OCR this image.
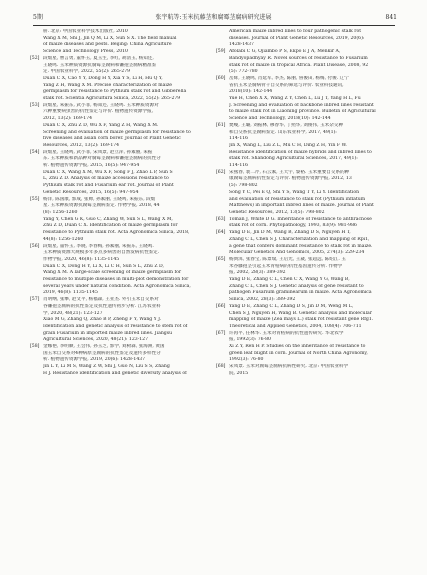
5期	张宇航等:玉米抗藤茎和腐霉茎腐病研究进展	841
册. 北京: 中国农业科学技术出版社, 2010
Wang X M, Shi J, Jin Q M, Li X, Sun S X. The field manual
of maize diseases and pests. Beijing: China Agriculture
Science and Technology Press, 2010
[52] 段灿星, 曹言勇, 董怀玉, 夏玉生, 李红, 胡清玉, 杨知还,
王晓鸣. 玉米种质资源抗腐霉茎腐病和镰孢茎腐病精准鉴
定. 中国农业科学, 2022, 55(2): 265-279
Duan C X, Cao Y Y, Dong H Y, Xia Y S, Li H, Hu Q Y,
Yang Z H, Wang X M. Precise characterization of maize
germplasm for resistance to Pythium stalk rot and Gibberella
stalk rot. Scientia Agricultura Sinica, 2022, 55(2): 265-279
[53] 段灿星, 朱振东, 武小菲, 杨知还, 王晓鸣. 玉米种质资源对
六种重要病虫害的抗性鉴定与评价. 植物遗传资源学报,
2012, 13(2): 169-174
Duan C X, Zhu Z D, Wu X F, Yang Z H, Wang X M.
Screening and evaluation of maize germplasm for resistance to
five diseases and asian corn borer. Journal of Plant Genetic
Resources, 2012, 13(2): 169-174
[54] 段灿星, 王晓鸣, 武小菲, 宋凤景, 赵立萍, 孙素丽, 朱振
东. 玉米种质和新品种对腐霉茎腐病和镰孢茎腐病的抗性分
析. 植物遗传资源学报, 2015, 16(5): 947-954
Duan C X, Wang X M, Wu X F, Song F J, Zhao L P, Sun S
L, Zhu Z D. Analysis of maize accessions resistance to
Pythium stalk rot and Fusarium ear rot. Journal of Plant
Genetic Resources, 2015, 16(5): 947-954
[55] 杨洋, 陈国康, 郭成, 张帅, 孙素丽, 王晓鸣, 朱振东, 段灿
星. 玉米种质资源抗腐霉茎腐病鉴定. 作物学报, 2018, 44
(8): 1256-1260
Yang Y, Chen G K, Guo C, Zhang W, Sun S L, Wang X M,
Zhu Z D, Duan C X. Identification of maize germplasm for
resistance to Pythium stalk rot. Acta Agronomica Sinica, 2018,
44(8): 1256-1260
[56] 段灿星, 董怀玉, 李晓, 李春梅, 孙素丽, 朱振东, 王晓鸣.
玉米种质资源大规模多年多点多病害的自然发病抗性鉴定.
作物学报, 2020, 46(8): 1135-1145
Duan C X, Dong H Y, Li X, Li C H, Sun S L, Zhu Z D,
Wang X M. A large-scale screening of maize germplasm for
resistance to multiple diseases in multi-plot demonstration for
several years under natural condition. Acta Agronomica Sinica,
2019, 46(8): 1135-1145
[57] 肖明纲, 张攀, 赵文平, 杨福森, 王亚杰. 外引玉米自交系对
谷镰孢茎腐病的抗性鉴定及抗性遗传初步分析. 江苏农业科
学, 2020, 48(21): 123-127
Xiao M G, Zhang Q, Zhao B P, Zheng F Y, Wang Y J.
Identification and genetic analysis of resistance to stem rot of
grain Fusarium in imported maize inbred lines. Jiangsu
Agricultural Sciences, 2020, 48(21): 123-127
[58] 金娜艳, 李明顺, 王会伟, 孙玉芝, 郭学, 刘树森, 张海洲, 黄国
国玉米自交系对4种病原茎腐病的抗性鉴定及遗传多样性分
析. 植物遗传资源学报, 2019, 20(6): 1428-1437
Jin L Y, Li M S, Wang Z W, Shi J, Guo N, Liu S S, Zhang
H J. Resistance identification and genetic diversity analysis of
American maize inbred lines to four pathogenic stalk rot
diseases. Journal of Plant Genetic Resources, 2019, 20(6):
1428-1437
[59] Afolabi C G, Ojiambo P S, Ekpo E J A, Menkir A,
Bandyopadhyay R. Novel sources of resistance to Fusarium
stalk rot of maize in tropical Africa. Plant Disease, 2008, 92
(5): 772-780
[60] 岳辉, 王晓鸣, 肖延军, 李杰, 陈丽, 鲁俊田, 杨梅, 付俊. 辽宁
省抗玉米茎腐病骨干自交系的筛选与评价. 农业科技通讯,
2018(10): 142-144
Yue H, Chen X X, Wang Z Y, Chen L, Lu J T, Yang H L, Fu
J. Screening and evaluation of backbone inbred lines resistant
to maize stalk rot in Liaoning province. Bulletin of Agricultural
Science and Technology, 2018(10): 142-144
[61] 樊峻, 王璐, 刘振林, 穆春华, 丁照华, 刘俊伟, 玉米杂交种
和自交系抗茎腐病鉴定. 山东农业科学, 2017, 49(1):
114-116
Jin X, Wang L, Liu Z L, Mu C H, Ding Z H, Yin F W.
Resistance identification of maize hybrids and inbred lines to
stalk rot. Shandong Agricultural Sciences, 2017, 49(1):
114-116
[62] 宋燕春, 裴二芹, 石云素, 王天宇, 黎裕. 玉米重要自交系的种
康腐霉茎腐病抗性鉴定与评价. 植物遗传资源学报, 2012, 13
(5): 798-802
Song Y C, Pei E Q, Shi Y S, Wang T Y, Li Y. Identification
and evaluation of resistance to stalk rot (Pythium inflatum
Matthews) in important inbred lines of maize. Journal of Plant
Genetic Resources, 2012, 13(5): 798-802
[63] Toman J, White D G. Inheritance of resistance to anthracnose
stalk rot of corn. Phytopathology, 1993, 83(9): 981-986
[64] Yang D E, Jin D M, Wang B, Zhang D S, Nguyen H T,
Zhang C L, Chen S J. Characterization and mapping of Rpi1,
a gene that confers dominant resistance to stalk rot in maize.
Molecular Genetics And Genomics, 2005, 274(3): 229-234
[65] 杨典洱, 张春宝, 陈景瑞, 王后光, 王崴, 张超远, 陈绍江. 玉
米谷藤孢茎引起玉米青枯病的抗性基因遗传分析. 作物学
报, 2002, 28(3): 389-392
Yang D E, Zhang C L, Chen C X, Wang Y G, Wang B,
Zhang C L, Chen S J. Genetic analysis of gene resistant to
pathogen Fusarium graminearum in maize. Acta Agronomica
Sinica, 2002, 28(3): 389-392
[66] Yang D E, Zhang C L, Zhang D S, Jin D M, Weng M L,
Chen S J, Nguyen H, Wang B. Genetic analysis and molecular
mapping of maize (Zea mays L.) stalk rot resistant gene Rfg1.
Theoretical and Applied Genetics, 2004, 108(4): 706-711
[67] 许再平, 任林华. 玉米对青枯病的抗性遗传研究. 华北农学
报, 1992(3): 76-80
Xi Z Y, Ren H P. Studies on the inheritance of resistance to
green leaf blight in corn. Journal of North China Agronomy,
1992(3): 76-80
[68] 宋凤景. 玉米对腐霉茎腐病抗病性研究. 北京: 中国农业科学
院, 2015
